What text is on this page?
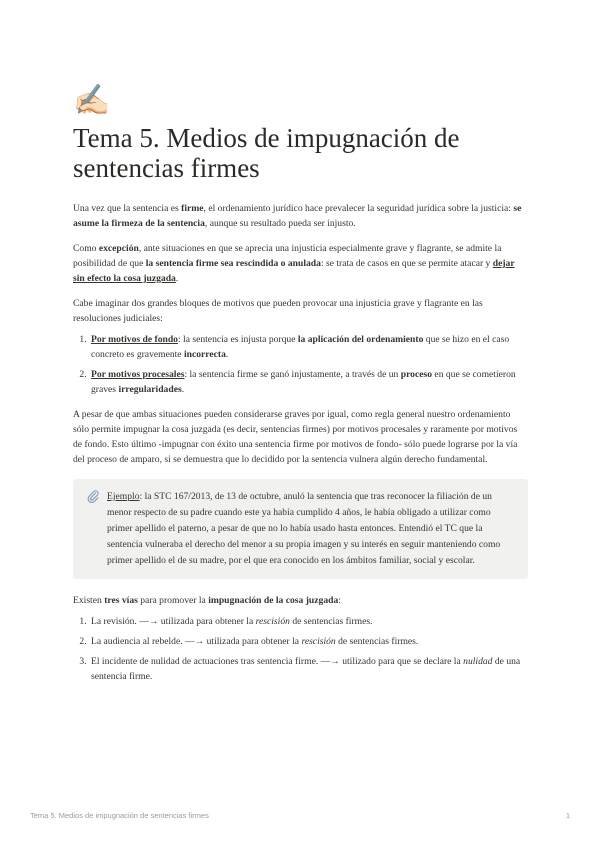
✍🏻
Tema 5. Medios de impugnación de sentencias firmes

Una vez que la sentencia es firme, el ordenamiento jurídico hace prevalecer la seguridad jurídica sobre la justicia: se asume la firmeza de la sentencia, aunque su resultado pueda ser injusto.

Como excepción, ante situaciones en que se aprecia una injusticia especialmente grave y flagrante, se admite la posibilidad de que la sentencia firme sea rescindida o anulada: se trata de casos en que se permite atacar y dejar sin efecto la cosa juzgada.

Cabe imaginar dos grandes bloques de motivos que pueden provocar una injusticia grave y flagrante en las resoluciones judiciales:

1. Por motivos de fondo: la sentencia es injusta porque la aplicación del ordenamiento que se hizo en el caso concreto es gravemente incorrecta.
2. Por motivos procesales: la sentencia firme se ganó injustamente, a través de un proceso en que se cometieron graves irregularidades.

A pesar de que ambas situaciones pueden considerarse graves por igual, como regla general nuestro ordenamiento sólo permite impugnar la cosa juzgada (es decir, sentencias firmes) por motivos procesales y raramente por motivos de fondo. Esto último -impugnar con éxito una sentencia firme por motivos de fondo- sólo puede lograrse por la vía del proceso de amparo, si se demuestra que lo decidido por la sentencia vulnera algún derecho fundamental.

Ejemplo: la STC 167/2013, de 13 de octubre, anuló la sentencia que tras reconocer la filiación de un menor respecto de su padre cuando este ya había cumplido 4 años, le había obligado a utilizar como primer apellido el paterno, a pesar de que no lo había usado hasta entonces. Entendió el TC que la sentencia vulneraba el derecho del menor a su propia imagen y su interés en seguir manteniendo como primer apellido el de su madre, por el que era conocido en los ámbitos familiar, social y escolar.

Existen tres vías para promover la impugnación de la cosa juzgada:

1. La revisión. —→ utilizada para obtener la rescisión de sentencias firmes.
2. La audiencia al rebelde. —→ utilizada para obtener la rescisión de sentencias firmes.
3. El incidente de nulidad de actuaciones tras sentencia firme. —→ utilizado para que se declare la nulidad de una sentencia firme.
Tema 5. Medios de impugnación de sentencias firmes	1
